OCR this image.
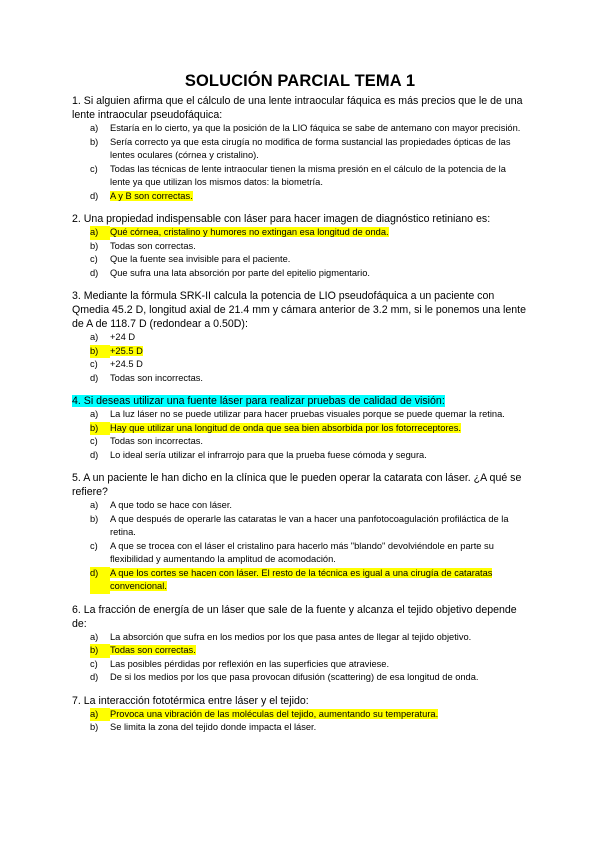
SOLUCIÓN PARCIAL TEMA 1
1. Si alguien afirma que el cálculo de una lente intraocular fáquica es más precios que le de una lente intraocular pseudofáquica:
a)	Estaría en lo cierto, ya que la posición de la LIO fáquica se sabe de antemano con mayor precisión.
b)	Sería correcto ya que esta cirugía no modifica de forma sustancial las propiedades ópticas de las lentes oculares (córnea y cristalino).
c)	Todas las técnicas de lente intraocular tienen la misma presión en el cálculo de la potencia de la lente ya que utilizan los mismos datos: la biometría.
d)	A y B son correctas.
2. Una propiedad indispensable con láser para hacer imagen de diagnóstico retiniano es:
a)	Qué córnea, cristalino y humores no extingan esa longitud de onda.
b)	Todas son correctas.
c)	Que la fuente sea invisible para el paciente.
d)	Que sufra una lata absorción por parte del epitelio pigmentario.
3. Mediante la fórmula SRK-II calcula la potencia de LIO pseudofáquica a un paciente con Qmedia 45.2 D, longitud axial de 21.4 mm y cámara anterior de 3.2 mm, si le ponemos una lente de A de 118.7 D (redondear a 0.50D):
a)	+24 D
b)	+25.5 D
c)	+24.5 D
d)	Todas son incorrectas.
4. Si deseas utilizar una fuente láser para realizar pruebas de calidad de visión:
a)	La luz láser no se puede utilizar para hacer pruebas visuales porque se puede quemar la retina.
b)	Hay que utilizar una longitud de onda que sea bien absorbida por los fotorreceptores.
c)	Todas son incorrectas.
d)	Lo ideal sería utilizar el infrarrojo para que la prueba fuese cómoda y segura.
5. A un paciente le han dicho en la clínica que le pueden operar la catarata con láser. ¿A qué se refiere?
a)	A que todo se hace con láser.
b)	A que después de operarle las cataratas le van a hacer una panfotocoagulación profiláctica de la retina.
c)	A que se trocea con el láser el cristalino para hacerlo más "blando" devolviéndole en parte su flexibilidad y aumentando la amplitud de acomodación.
d)	A que los cortes se hacen con láser. El resto de la técnica es igual a una cirugía de cataratas convencional.
6. La fracción de energía de un láser que sale de la fuente y alcanza el tejido objetivo depende de:
a)	La absorción que sufra en los medios por los que pasa antes de llegar al tejido objetivo.
b)	Todas son correctas.
c)	Las posibles pérdidas por reflexión en las superficies que atraviese.
d)	De si los medios por los que pasa provocan difusión (scattering) de esa longitud de onda.
7. La interacción fototérmica entre láser y el tejido:
a)	Provoca una vibración de las moléculas del tejido, aumentando su temperatura.
b)	Se limita la zona del tejido donde impacta el láser.
